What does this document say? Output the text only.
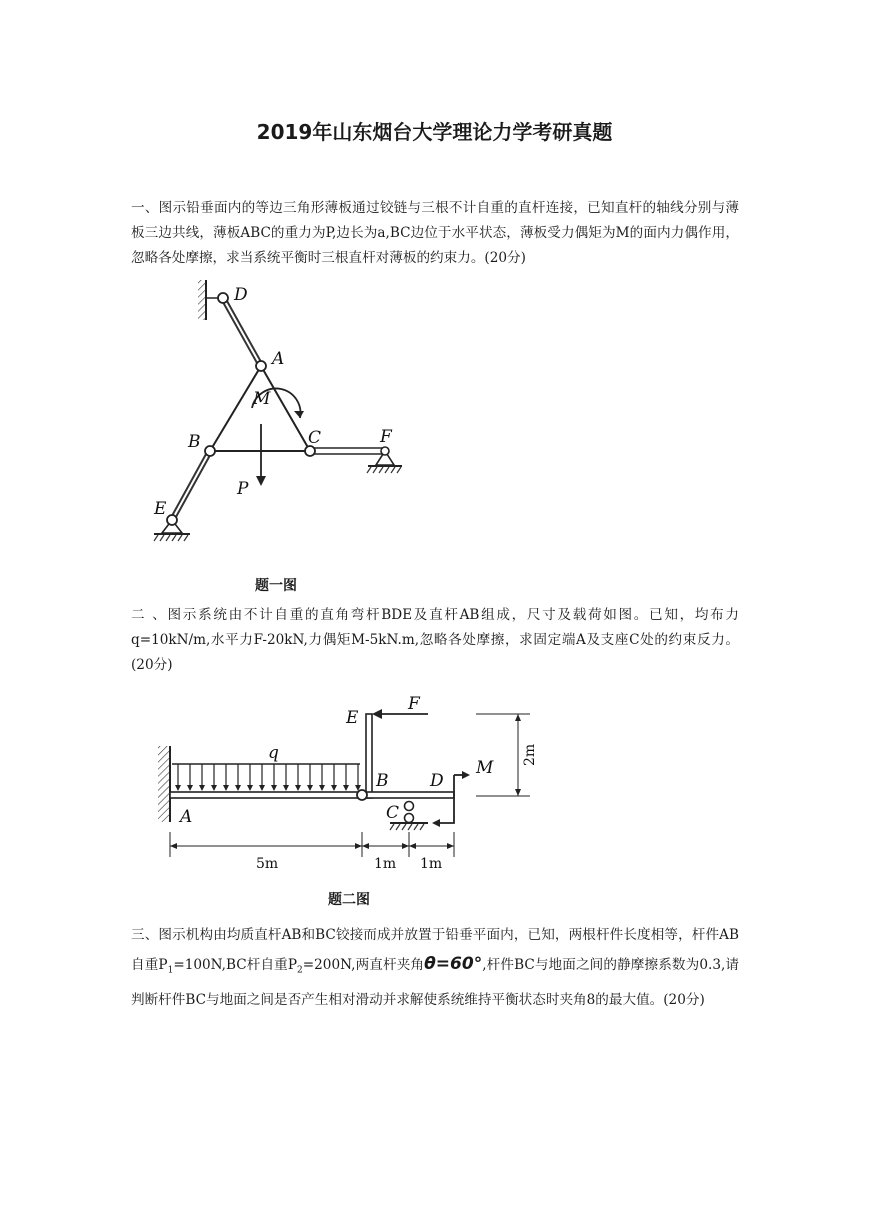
2019年山东烟台大学理论力学考研真题

一、图示铅垂面内的等边三角形薄板通过铰链与三根不计自重的直杆连接，已知直杆的轴线分别与薄板三边共线，薄板ABC的重力为P,边长为a,BC边位于水平状态，薄板受力偶矩为M的面内力偶作用，忽略各处摩擦，求当系统平衡时三根直杆对薄板的约束力。(20分)

D
A
M
B	C	F
P
E
题一图

二 、图示系统由不计自重的直角弯杆BDE及直杆AB组成，尺寸及载荷如图。已知，均布力q=10kN/m,水平力F-20kN,力偶矩M-5kN.m,忽略各处摩擦，求固定端A及支座C处的约束反力。(20分)

2m
5m	1m 1m
E
F
q
B D
M
C
A
题二图

三、图示机构由均质直杆AB和BC铰接而成并放置于铅垂平面内，已知，两根杆件长度相等，杆件AB自重$P_1=100N,BC$杆自重$P_2=200N$,两直杆夹角θ=60°,杆件BC与地面之间的静摩擦系数为0.3,请判断杆件BC与地面之间是否产生相对滑动并求解使系统维持平衡状态时夹角8的最大值。(20分)
